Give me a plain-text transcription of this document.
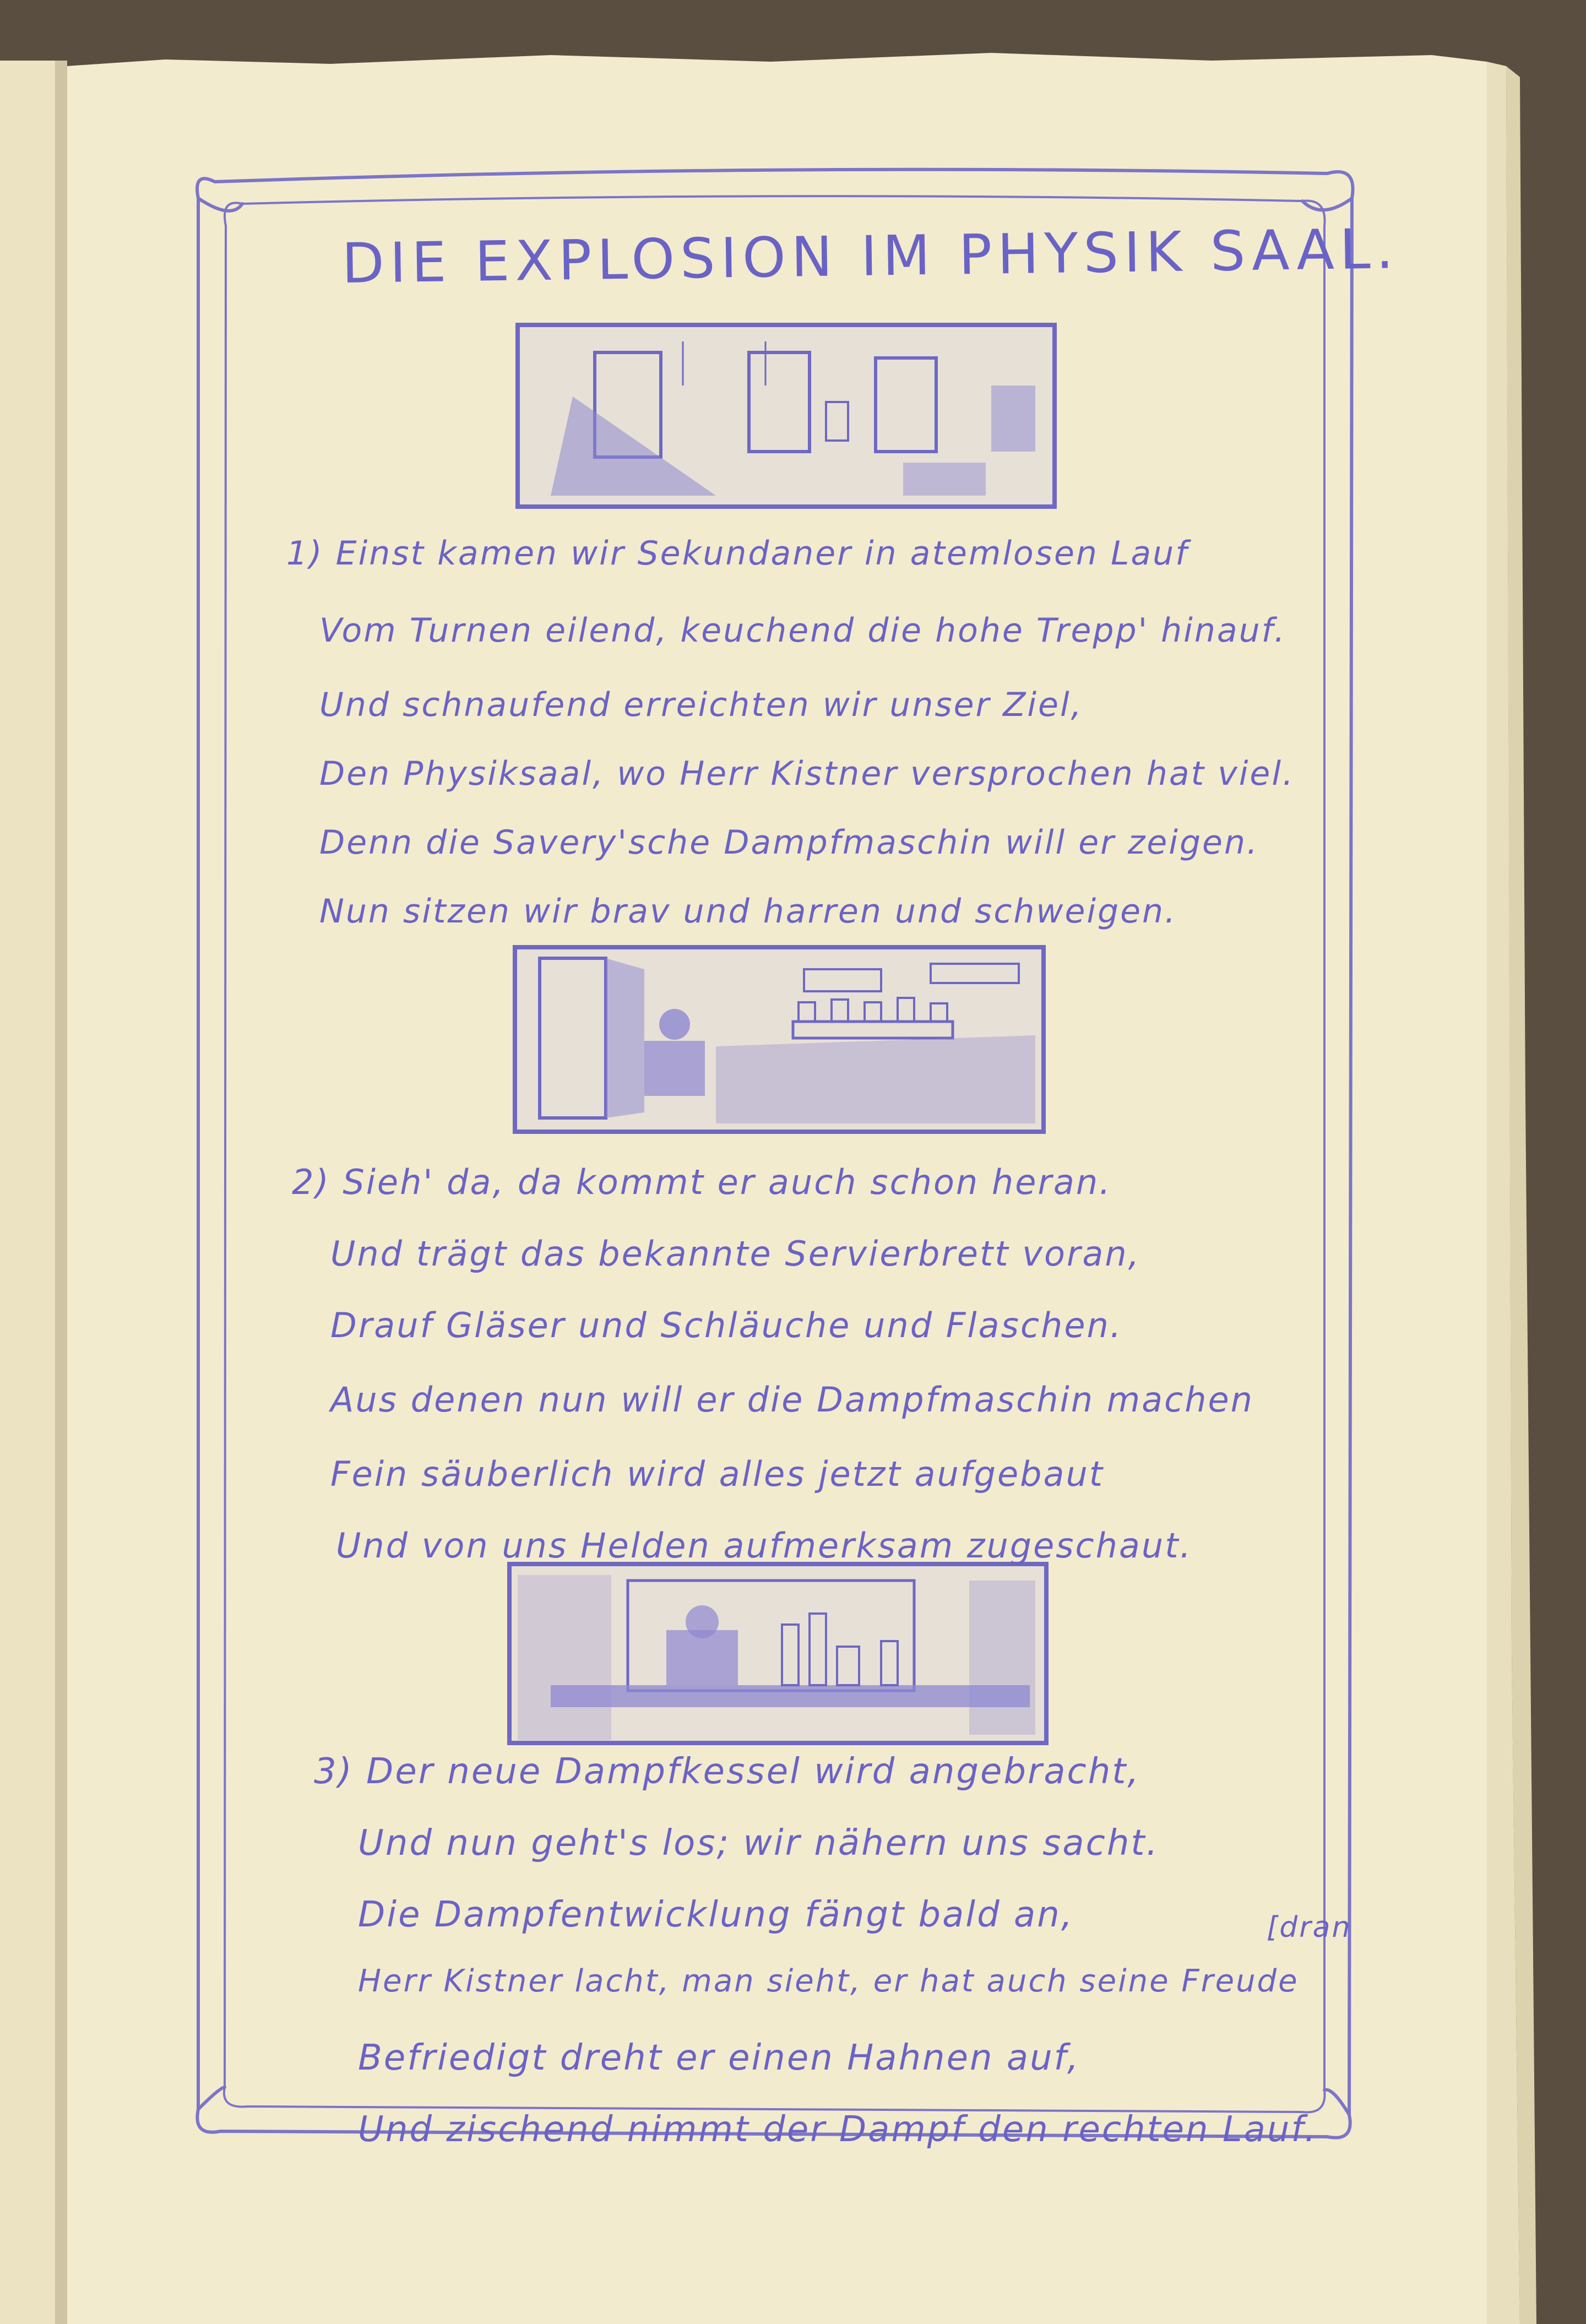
DIE EXPLOSION IM PHYSIK SAAL.
1) Einst kamen wir Sekundaner in atemlosen Lauf
Vom Turnen eilend, keuchend die hohe Trepp' hinauf.
Und schnaufend erreichten wir unser Ziel,
Den Physiksaal, wo Herr Kistner versprochen hat viel.
Denn die Savery'sche Dampfmaschin will er zeigen.
Nun sitzen wir brav und harren und schweigen.
2) Sieh' da, da kommt er auch schon heran.
Und trägt das bekannte Servierbrett voran,
Drauf Gläser und Schläuche und Flaschen.
Aus denen nun will er die Dampfmaschin machen
Fein säuberlich wird alles jetzt aufgebaut
Und von uns Helden aufmerksam zugeschaut.
3) Der neue Dampfkessel wird angebracht,
Und nun geht's los; wir nähern uns sacht.
Die Dampfentwicklung fängt bald an,
Herr Kistner lacht, man sieht, er hat auch seine Freude
[dran
Befriedigt dreht er einen Hahnen auf,
Und zischend nimmt der Dampf den rechten Lauf.
